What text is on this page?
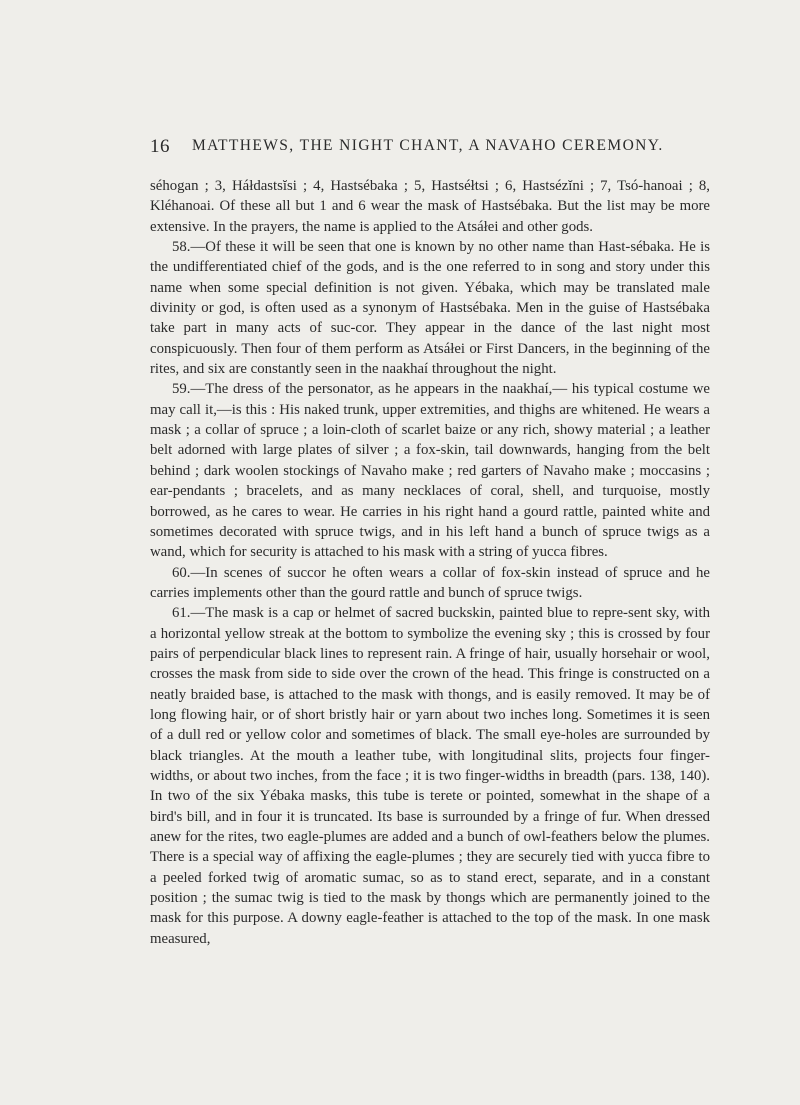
16 MATTHEWS, THE NIGHT CHANT, A NAVAHO CEREMONY.

séhogan ; 3, Háłdastsĭsi ; 4, Hastsébaka ; 5, Hastséłtsi ; 6, Hastsézĭni ; 7, Tsó-hanoai ; 8, Kléhanoai. Of these all but 1 and 6 wear the mask of Hastsébaka. But the list may be more extensive. In the prayers, the name is applied to the Atsáłei and other gods.

58.—Of these it will be seen that one is known by no other name than Hast-sébaka. He is the undifferentiated chief of the gods, and is the one referred to in song and story under this name when some special definition is not given. Yébaka, which may be translated male divinity or god, is often used as a synonym of Hastsébaka. Men in the guise of Hastsébaka take part in many acts of suc-cor. They appear in the dance of the last night most conspicuously. Then four of them perform as Atsáłei or First Dancers, in the beginning of the rites, and six are constantly seen in the naakhaí throughout the night.

59.—The dress of the personator, as he appears in the naakhaí,— his typical costume we may call it,—is this : His naked trunk, upper extremities, and thighs are whitened. He wears a mask ; a collar of spruce ; a loin-cloth of scarlet baize or any rich, showy material ; a leather belt adorned with large plates of silver ; a fox-skin, tail downwards, hanging from the belt behind ; dark woolen stockings of Navaho make ; red garters of Navaho make ; moccasins ; ear-pendants ; bracelets, and as many necklaces of coral, shell, and turquoise, mostly borrowed, as he cares to wear. He carries in his right hand a gourd rattle, painted white and sometimes decorated with spruce twigs, and in his left hand a bunch of spruce twigs as a wand, which for security is attached to his mask with a string of yucca fibres.

60.—In scenes of succor he often wears a collar of fox-skin instead of spruce and he carries implements other than the gourd rattle and bunch of spruce twigs.

61.—The mask is a cap or helmet of sacred buckskin, painted blue to repre-sent sky, with a horizontal yellow streak at the bottom to symbolize the evening sky ; this is crossed by four pairs of perpendicular black lines to represent rain. A fringe of hair, usually horsehair or wool, crosses the mask from side to side over the crown of the head. This fringe is constructed on a neatly braided base, is attached to the mask with thongs, and is easily removed. It may be of long flowing hair, or of short bristly hair or yarn about two inches long. Sometimes it is seen of a dull red or yellow color and sometimes of black. The small eye-holes are surrounded by black triangles. At the mouth a leather tube, with longitudinal slits, projects four finger-widths, or about two inches, from the face ; it is two finger-widths in breadth (pars. 138, 140). In two of the six Yébaka masks, this tube is terete or pointed, somewhat in the shape of a bird's bill, and in four it is truncated. Its base is surrounded by a fringe of fur. When dressed anew for the rites, two eagle-plumes are added and a bunch of owl-feathers below the plumes. There is a special way of affixing the eagle-plumes ; they are securely tied with yucca fibre to a peeled forked twig of aromatic sumac, so as to stand erect, separate, and in a constant position ; the sumac twig is tied to the mask by thongs which are permanently joined to the mask for this purpose. A downy eagle-feather is attached to the top of the mask. In one mask measured,
